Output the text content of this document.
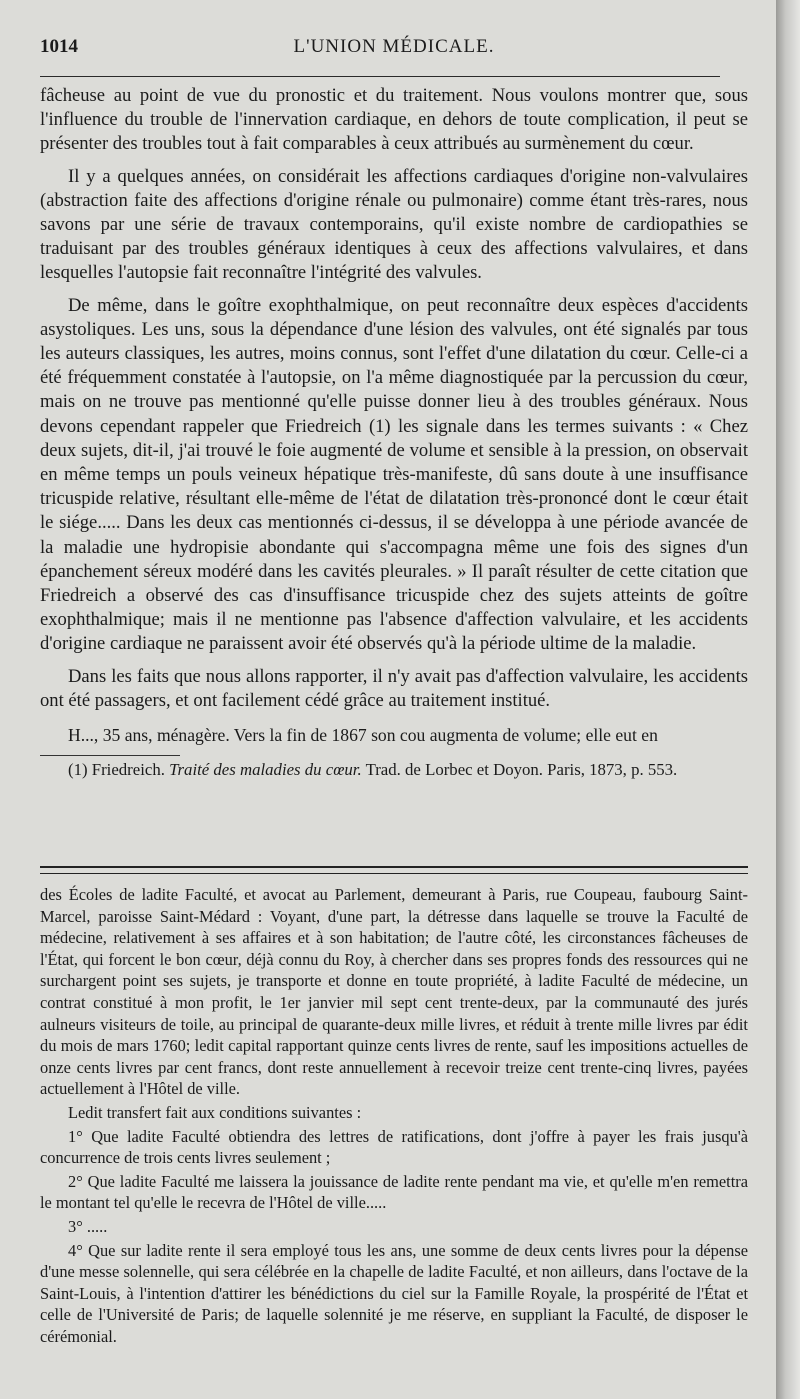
1014	L'UNION MÉDICALE.

fâcheuse au point de vue du pronostic et du traitement. Nous voulons montrer que, sous l'influence du trouble de l'innervation cardiaque, en dehors de toute complication, il peut se présenter des troubles tout à fait comparables à ceux attribués au surmènement du cœur.

Il y a quelques années, on considérait les affections cardiaques d'origine non-valvulaires (abstraction faite des affections d'origine rénale ou pulmonaire) comme étant très-rares, nous savons par une série de travaux contemporains, qu'il existe nombre de cardiopathies se traduisant par des troubles généraux identiques à ceux des affections valvulaires, et dans lesquelles l'autopsie fait reconnaître l'intégrité des valvules.

De même, dans le goître exophthalmique, on peut reconnaître deux espèces d'accidents asystoliques. Les uns, sous la dépendance d'une lésion des valvules, ont été signalés par tous les auteurs classiques, les autres, moins connus, sont l'effet d'une dilatation du cœur. Celle-ci a été fréquemment constatée à l'autopsie, on l'a même diagnostiquée par la percussion du cœur, mais on ne trouve pas mentionné qu'elle puisse donner lieu à des troubles généraux. Nous devons cependant rappeler que Friedreich (1) les signale dans les termes suivants : « Chez deux sujets, dit-il, j'ai trouvé le foie augmenté de volume et sensible à la pression, on observait en même temps un pouls veineux hépatique très-manifeste, dû sans doute à une insuffisance tricuspide relative, résultant elle-même de l'état de dilatation très-prononcé dont le cœur était le siége..... Dans les deux cas mentionnés ci-dessus, il se développa à une période avancée de la maladie une hydropisie abondante qui s'accompagna même une fois des signes d'un épanchement séreux modéré dans les cavités pleurales. » Il paraît résulter de cette citation que Friedreich a observé des cas d'insuffisance tricuspide chez des sujets atteints de goître exophthalmique; mais il ne mentionne pas l'absence d'affection valvulaire, et les accidents d'origine cardiaque ne paraissent avoir été observés qu'à la période ultime de la maladie.

Dans les faits que nous allons rapporter, il n'y avait pas d'affection valvulaire, les accidents ont été passagers, et ont facilement cédé grâce au traitement institué.

H..., 35 ans, ménagère. Vers la fin de 1867 son cou augmenta de volume; elle eut en

(1) Friedreich. Traité des maladies du cœur. Trad. de Lorbec et Doyon. Paris, 1873, p. 553.

des Écoles de ladite Faculté, et avocat au Parlement, demeurant à Paris, rue Coupeau, faubourg Saint-Marcel, paroisse Saint-Médard : Voyant, d'une part, la détresse dans laquelle se trouve la Faculté de médecine, relativement à ses affaires et à son habitation; de l'autre côté, les circonstances fâcheuses de l'État, qui forcent le bon cœur, déjà connu du Roy, à chercher dans ses propres fonds des ressources qui ne surchargent point ses sujets, je transporte et donne en toute propriété, à ladite Faculté de médecine, un contrat constitué à mon profit, le 1er janvier mil sept cent trente-deux, par la communauté des jurés aulneurs visiteurs de toile, au principal de quarante-deux mille livres, et réduit à trente mille livres par édit du mois de mars 1760; ledit capital rapportant quinze cents livres de rente, sauf les impositions actuelles de onze cents livres par cent francs, dont reste annuellement à recevoir treize cent trente-cinq livres, payées actuellement à l'Hôtel de ville.

Ledit transfert fait aux conditions suivantes :

1° Que ladite Faculté obtiendra des lettres de ratifications, dont j'offre à payer les frais jusqu'à concurrence de trois cents livres seulement ;

2° Que ladite Faculté me laissera la jouissance de ladite rente pendant ma vie, et qu'elle m'en remettra le montant tel qu'elle le recevra de l'Hôtel de ville.....

3° .....

4° Que sur ladite rente il sera employé tous les ans, une somme de deux cents livres pour la dépense d'une messe solennelle, qui sera célébrée en la chapelle de ladite Faculté, et non ailleurs, dans l'octave de la Saint-Louis, à l'intention d'attirer les bénédictions du ciel sur la Famille Royale, la prospérité de l'État et celle de l'Université de Paris; de laquelle solennité je me réserve, en suppliant la Faculté, de disposer le cérémonial.
